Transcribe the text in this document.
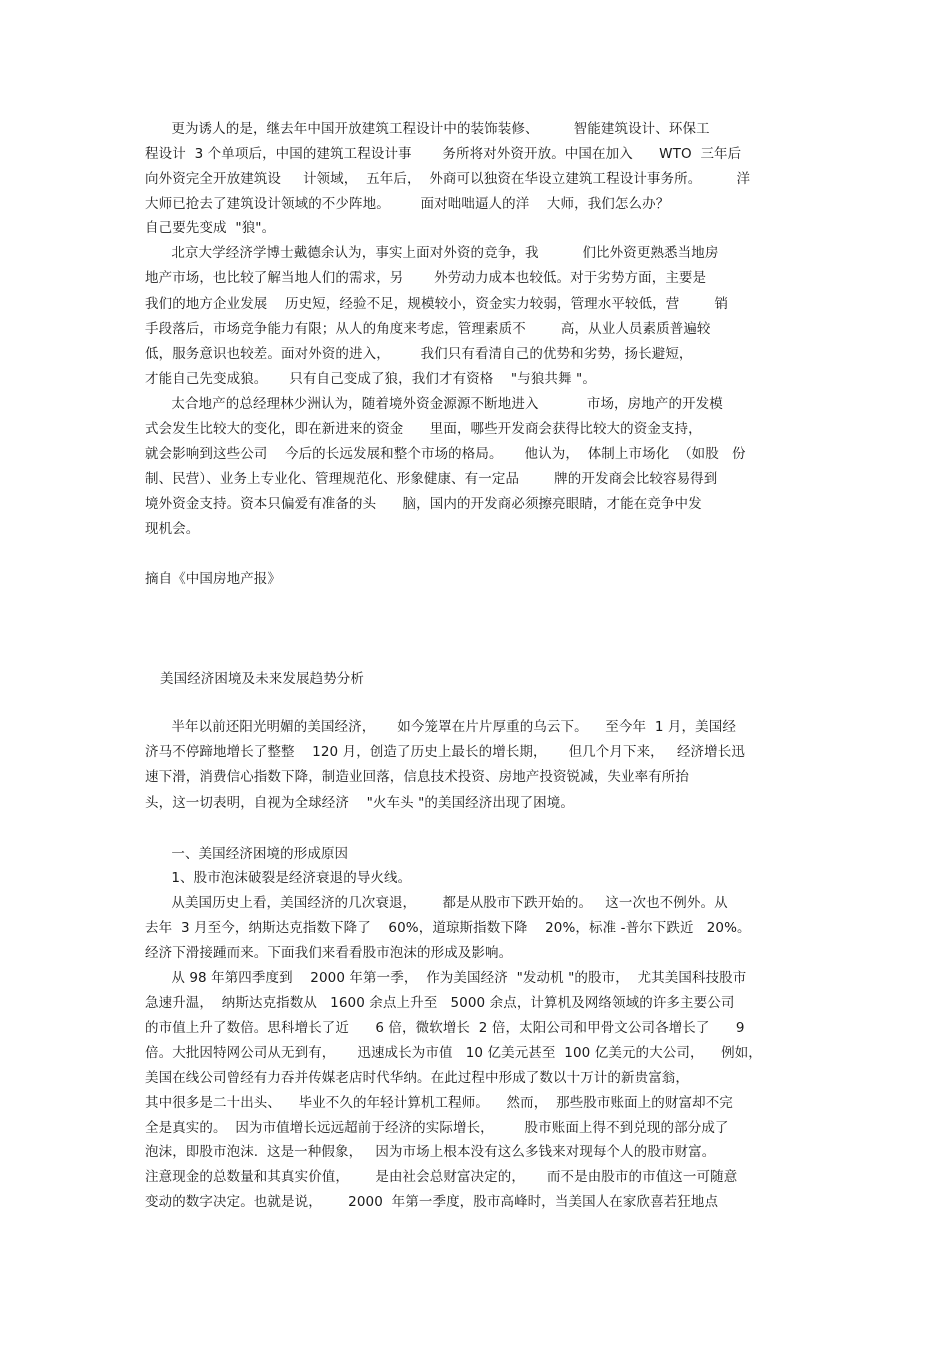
更为诱人的是，继去年中国开放建筑工程设计中的装饰装修、        智能建筑设计、环保工
程设计  3 个单项后，中国的建筑工程设计事       务所将对外资开放。中国在加入      WTO  三年后
向外资完全开放建筑设     计领域，  五年后，  外商可以独资在华设立建筑工程设计事务所。        洋
大师已抢去了建筑设计领域的不少阵地。       面对咄咄逼人的洋    大师，我们怎么办？
自己要先变成  "狼"。
北京大学经济学博士戴德余认为，事实上面对外资的竞争，我          们比外资更熟悉当地房
地产市场，也比较了解当地人们的需求，另       外劳动力成本也较低。对于劣势方面，主要是
我们的地方企业发展    历史短，经验不足，规模较小，资金实力较弱，管理水平较低，营        销
手段落后，市场竞争能力有限；从人的角度来考虑，管理素质不        高，从业人员素质普遍较
低，服务意识也较差。面对外资的进入，       我们只有看清自己的优势和劣势，扬长避短，
才能自己先变成狼。     只有自己变成了狼，我们才有资格    "与狼共舞 "。
太合地产的总经理林少洲认为，随着境外资金源源不断地进入           市场，房地产的开发模
式会发生比较大的变化，即在新进来的资金      里面，哪些开发商会获得比较大的资金支持，
就会影响到这些公司    今后的长远发展和整个市场的格局。     他认为，  体制上市场化  （如股   份
制、民营）、业务上专业化、管理规范化、形象健康、有一定品        牌的开发商会比较容易得到
境外资金支持。资本只偏爱有准备的头      脑，国内的开发商必须擦亮眼睛，才能在竞争中发
现机会。
摘自《中国房地产报》
美国经济困境及未来发展趋势分析
半年以前还阳光明媚的美国经济，     如今笼罩在片片厚重的乌云下。    至今年  1 月，美国经
济马不停蹄地增长了整整    120 月，创造了历史上最长的增长期，     但几个月下来，   经济增长迅
速下滑，消费信心指数下降，制造业回落，信息技术投资、房地产投资锐减，失业率有所抬
头，这一切表明，自视为全球经济    "火车头 "的美国经济出现了困境。
一、美国经济困境的形成原因
1、股市泡沫破裂是经济衰退的导火线。
从美国历史上看，美国经济的几次衰退，      都是从股市下跌开始的。   这一次也不例外。从
去年  3 月至今，纳斯达克指数下降了    60%，道琼斯指数下降    20%，标准 -普尔下跌近   20%。
经济下滑接踵而来。下面我们来看看股市泡沫的形成及影响。
从 98 年第四季度到    2000 年第一季，  作为美国经济  "发动机 "的股市，  尤其美国科技股市
急速升温，  纳斯达克指数从   1600 余点上升至   5000 余点，计算机及网络领域的许多主要公司
的市值上升了数倍。思科增长了近      6 倍，微软增长  2 倍，太阳公司和甲骨文公司各增长了      9
倍。大批因特网公司从无到有，     迅速成长为市值   10 亿美元甚至  100 亿美元的大公司，    例如，
美国在线公司曾经有力吞并传媒老店时代华纳。在此过程中形成了数以十万计的新贵富翁，
其中很多是二十出头、    毕业不久的年轻计算机工程师。    然而，  那些股市账面上的财富却不完
全是真实的。  因为市值增长远远超前于经济的实际增长，       股市账面上得不到兑现的部分成了
泡沫，即股市泡沫.  这是一种假象，   因为市场上根本没有这么多钱来对现每个人的股市财富。
注意现金的总数量和其真实价值，      是由社会总财富决定的，     而不是由股市的市值这一可随意
变动的数字决定。也就是说，      2000  年第一季度，股市高峰时，当美国人在家欣喜若狂地点
